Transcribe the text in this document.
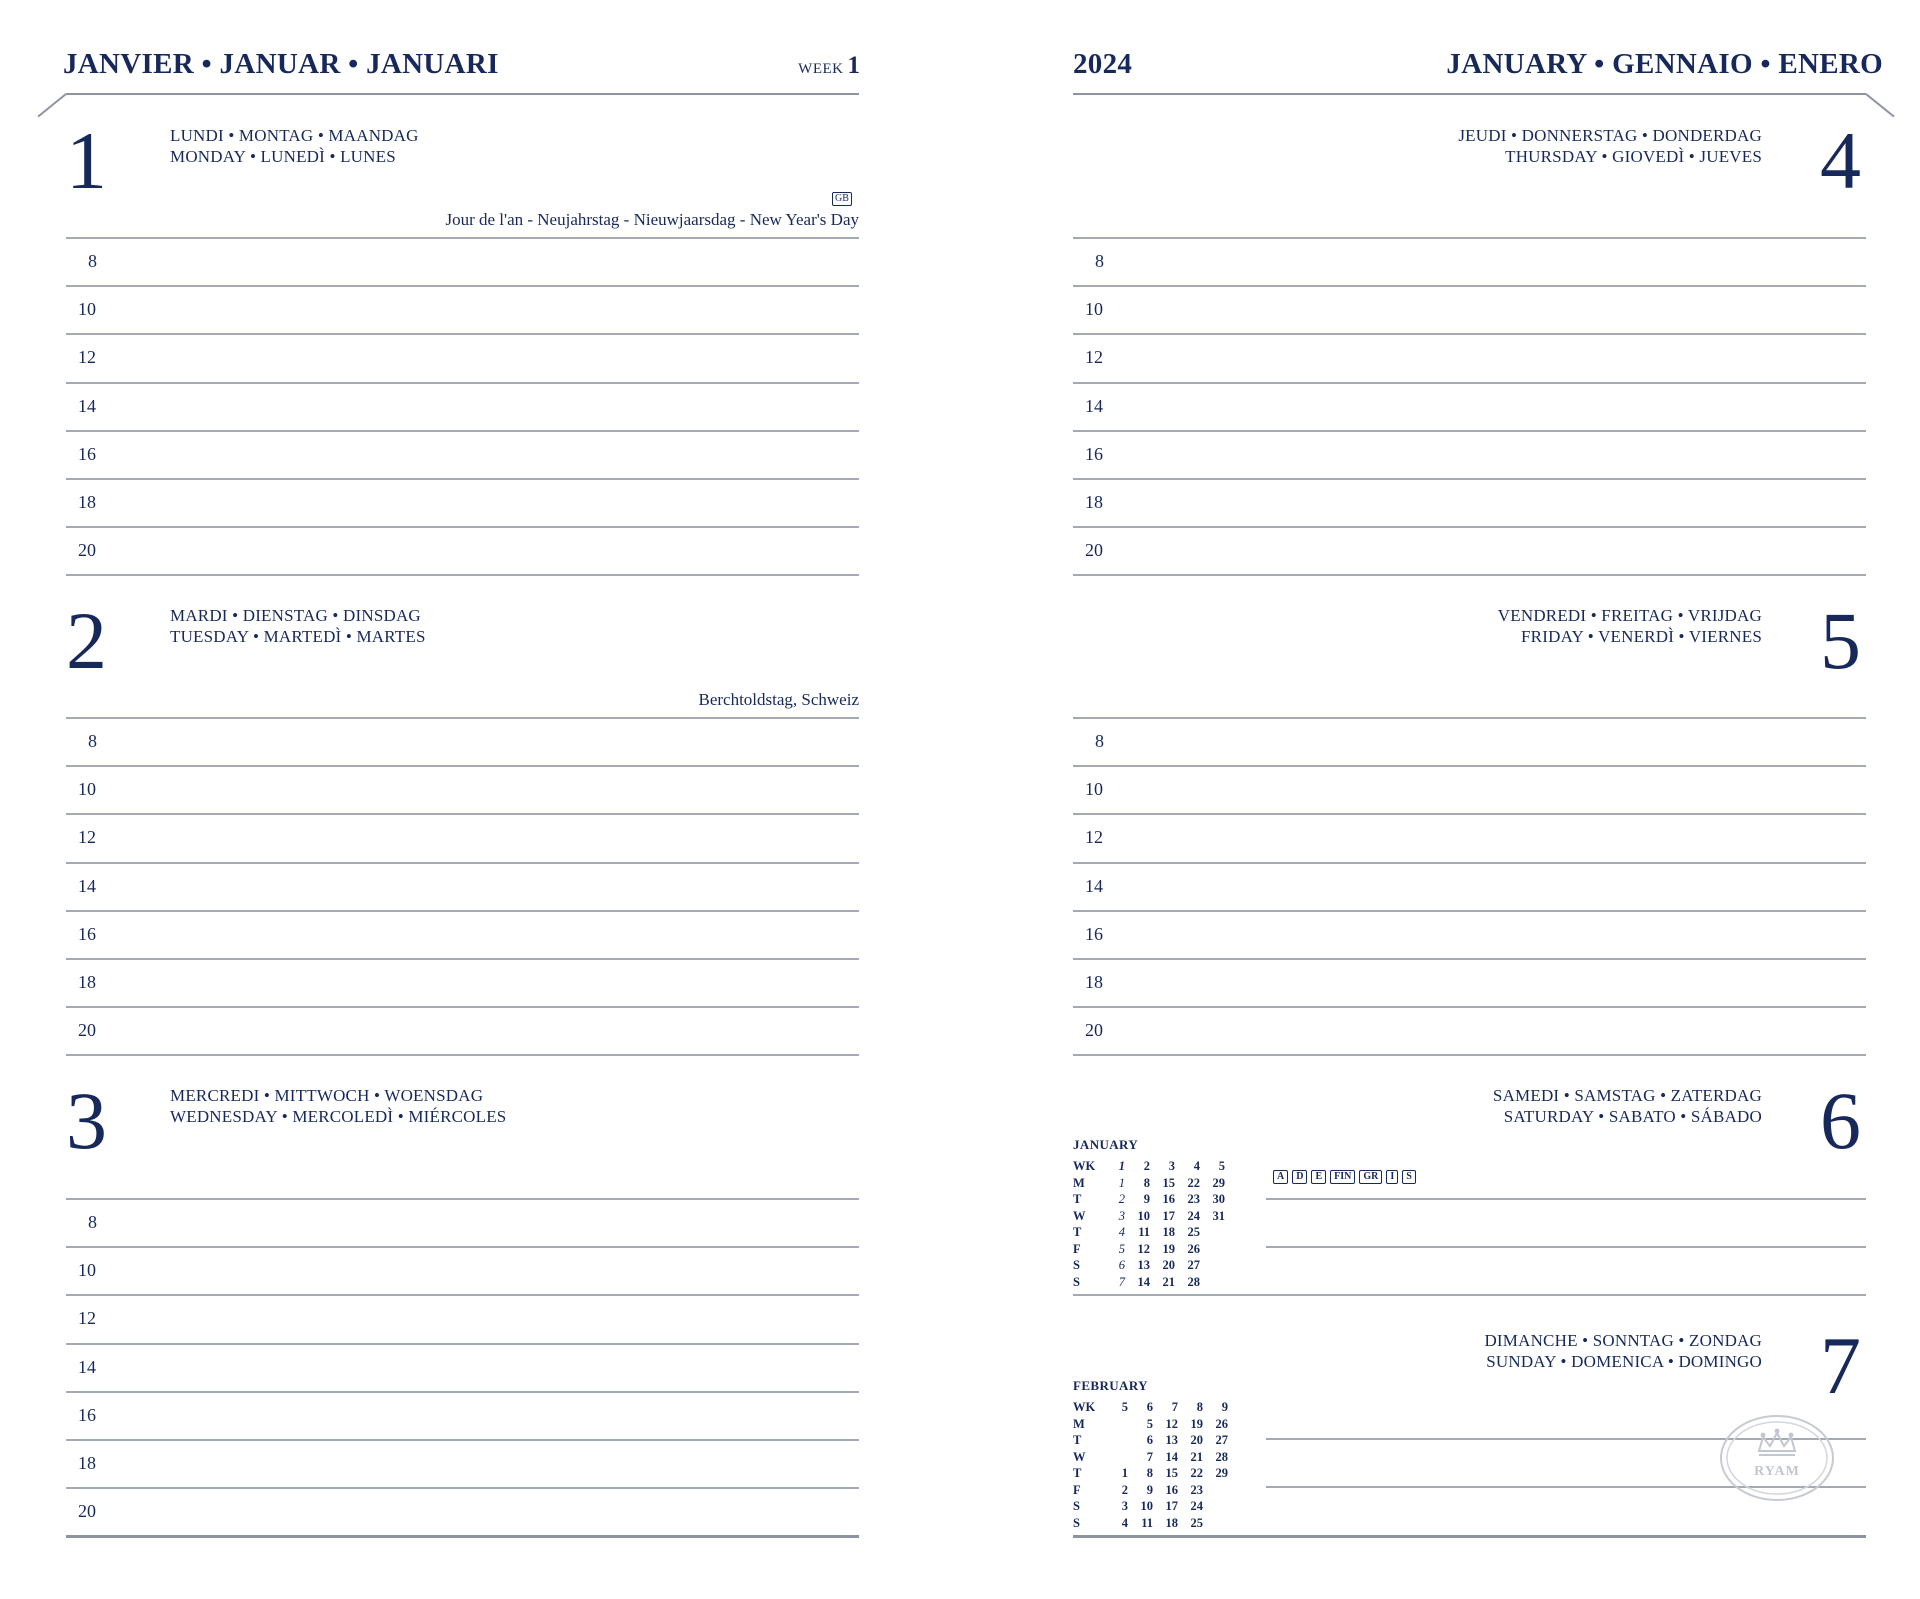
JANVIER • JANUAR • JANUARI	WEEK 1	2024	JANUARY • GENNAIO • ENERO
1	LUNDI • MONTAG • MAANDAG
MONDAY • LUNEDÌ • LUNES
GB
Jour de l'an - Neujahrstag - Nieuwjaarsdag - New Year's Day
8
10
12
14
16
18
20
2	MARDI • DIENSTAG • DINSDAG
TUESDAY • MARTEDÌ • MARTES
Berchtoldstag, Schweiz
8
10
12
14
16
18
20
3	MERCREDI • MITTWOCH • WOENSDAG
WEDNESDAY • MERCOLEDÌ • MIÉRCOLES
8
10
12
14
16
18
20
4
JEUDI • DONNERSTAG • DONDERDAG
THURSDAY • GIOVEDÌ • JUEVES
8
10
12
14
16
18
20
5
VENDREDI • FREITAG • VRIJDAG
FRIDAY • VENERDÌ • VIERNES
8
10
12
14
16
18
20
6
SAMEDI • SAMSTAG • ZATERDAG
SATURDAY • SABATO • SÁBADO
A	D	E	FIN	GR	I	S
JANUARY
WK	1	2	3	4	5
M	1	8	15	22	29
T	2	9	16	23	30
W	3	10	17	24	31
T	4	11	18	25	
F	5	12	19	26	
S	6	13	20	27	
S	7	14	21	28	
7
DIMANCHE • SONNTAG • ZONDAG
SUNDAY • DOMENICA • DOMINGO
FEBRUARY
WK	5	6	7	8	9
M		5	12	19	26
T		6	13	20	27
W		7	14	21	28
T	1	8	15	22	29
F	2	9	16	23	
S	3	10	17	24	
S	4	11	18	25	
RYAM
